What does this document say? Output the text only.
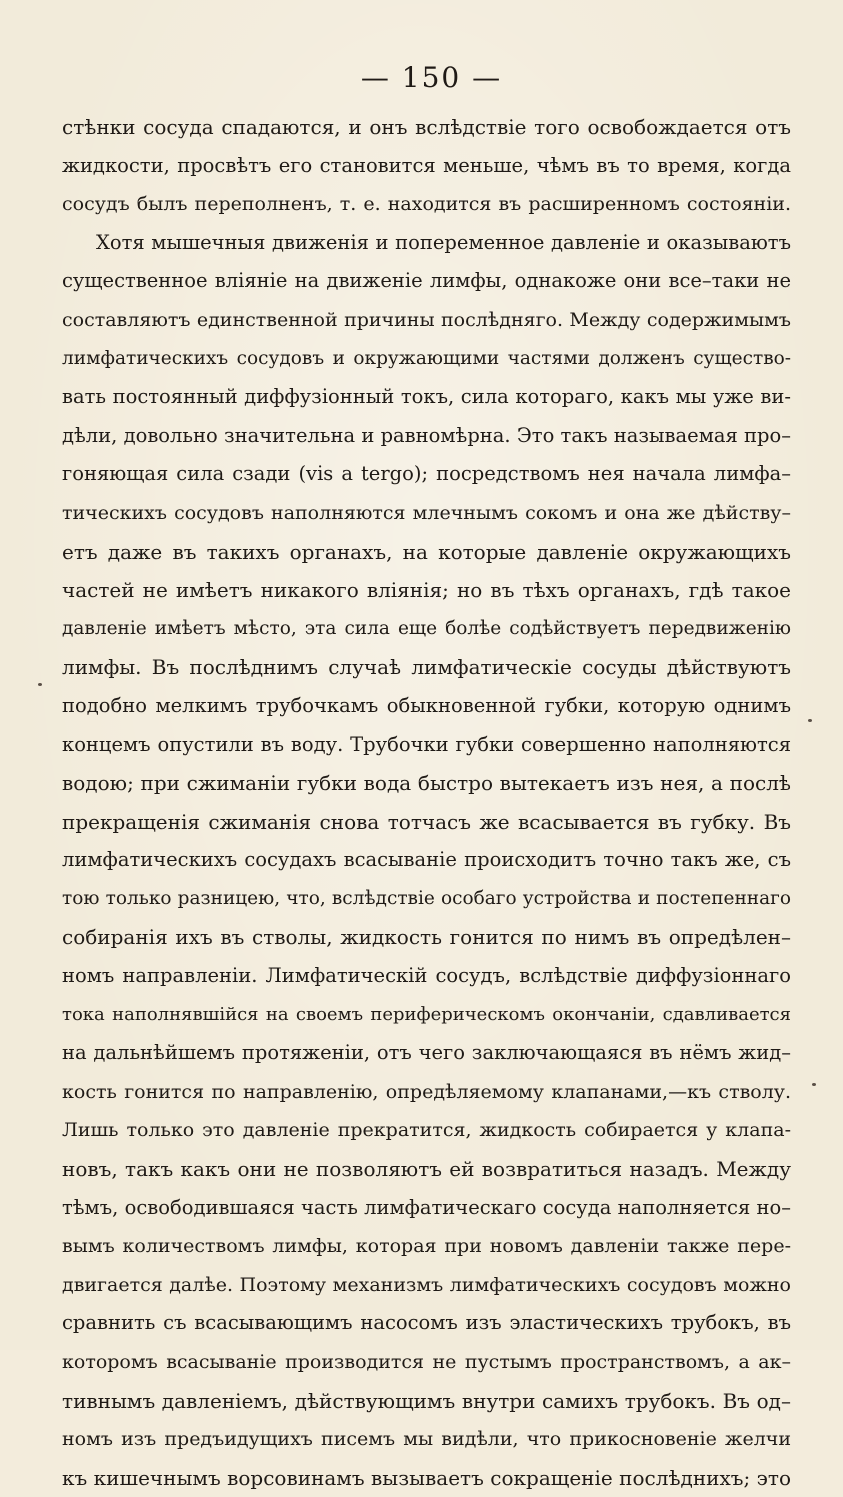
— 150 —
стѣнки сосуда спадаются, и онъ вслѣдствіе того освобождается отъ
жидкости, просвѣтъ его становится меньше, чѣмъ въ то время, когда
сосудъ былъ переполненъ, т. е. находится въ расширенномъ состояніи.
Хотя мышечныя движенія и попеременное давленіе и оказываютъ
существенное вліяніе на движеніе лимфы, однакоже они все–таки не
составляютъ единственной причины послѣдняго. Между содержимымъ
лимфатическихъ сосудовъ и окружающими частями долженъ существо-
вать постоянный диффузіонный токъ, сила котораго, какъ мы уже ви-
дѣли, довольно значительна и равномѣрна. Это такъ называемая про–
гоняющая сила сзади (vis a tergo); посредствомъ нея начала лимфа–
тическихъ сосудовъ наполняются млечнымъ сокомъ и она же дѣйству–
етъ даже въ такихъ органахъ, на которые давленіе окружающихъ
частей не имѣетъ никакого вліянія; но въ тѣхъ органахъ, гдѣ такое
давленіе имѣетъ мѣсто, эта сила еще болѣе содѣйствуетъ передвиженію
лимфы. Въ послѣднимъ случаѣ лимфатическіе сосуды дѣйствуютъ
подобно мелкимъ трубочкамъ обыкновенной губки, которую однимъ
концемъ опустили въ воду. Трубочки губки совершенно наполняются
водою; при сжиманіи губки вода быстро вытекаетъ изъ нея, а послѣ
прекращенія сжиманія снова тотчасъ же всасывается въ губку. Въ
лимфатическихъ сосудахъ всасываніе происходитъ точно такъ же, съ
тою только разницею, что, вслѣдствіе особаго устройства и постепеннаго
собиранія ихъ въ стволы, жидкость гонится по нимъ въ опредѣлен–
номъ направленіи. Лимфатическій сосудъ, вслѣдствіе диффузіоннаго
тока наполнявшійся на своемъ периферическомъ окончаніи, сдавливается
на дальнѣйшемъ протяженіи, отъ чего заключающаяся въ нёмъ жид–
кость гонится по направленію, опредѣляемому клапанами,—къ стволу.
Лишь только это давленіе прекратится, жидкость собирается у клапа-
новъ, такъ какъ они не позволяютъ ей возвратиться назадъ. Между
тѣмъ, освободившаяся часть лимфатическаго сосуда наполняется но–
вымъ количествомъ лимфы, которая при новомъ давленіи также пере-
двигается далѣе. Поэтому механизмъ лимфатическихъ сосудовъ можно
сравнить съ всасывающимъ насосомъ изъ эластическихъ трубокъ, въ
которомъ всасываніе производится не пустымъ пространствомъ, а ак–
тивнымъ давленіемъ, дѣйствующимъ внутри самихъ трубокъ. Въ од–
номъ изъ предъидущихъ писемъ мы видѣли, что прикосновеніе желчи
къ кишечнымъ ворсовинамъ вызываетъ сокращеніе послѣднихъ; это
